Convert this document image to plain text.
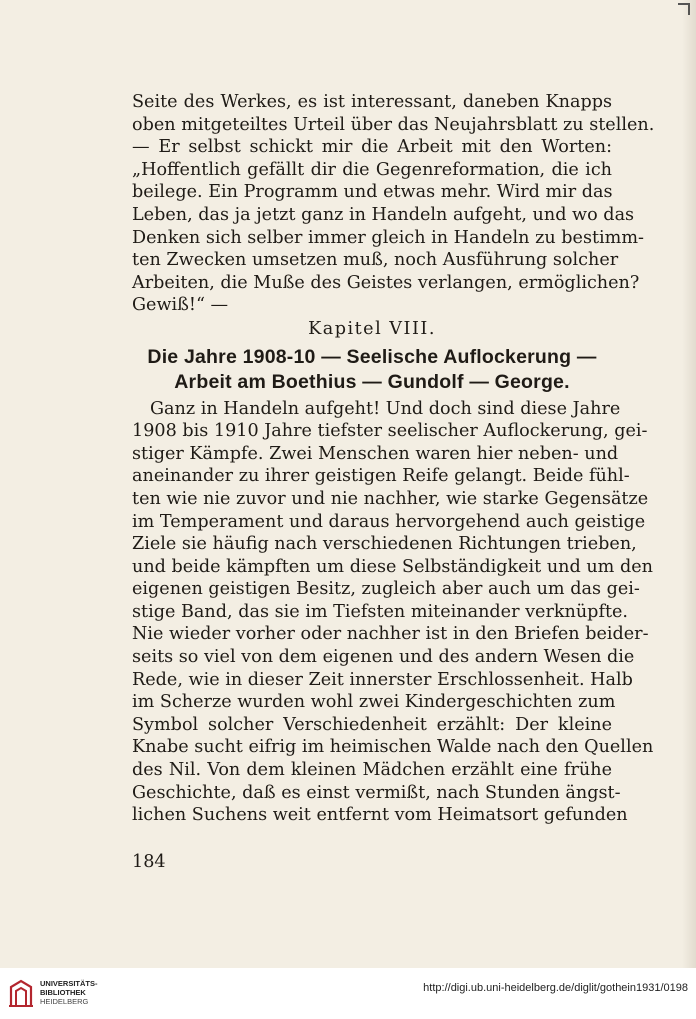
Seite des Werkes, es ist interessant, daneben Knapps
oben mitgeteiltes Urteil über das Neujahrsblatt zu stellen.
— Er selbst schickt mir die Arbeit mit den Worten:
„Hoffentlich gefällt dir die Gegenreformation, die ich
beilege. Ein Programm und etwas mehr. Wird mir das
Leben, das ja jetzt ganz in Handeln aufgeht, und wo das
Denken sich selber immer gleich in Handeln zu bestimm-
ten Zwecken umsetzen muß, noch Ausführung solcher
Arbeiten, die Muße des Geistes verlangen, ermöglichen?
Gewiß!“ —
Kapitel VIII.
Die Jahre 1908-10 — Seelische Auflockerung —
Arbeit am Boethius — Gundolf — George.
Ganz in Handeln aufgeht! Und doch sind diese Jahre
1908 bis 1910 Jahre tiefster seelischer Auflockerung, gei-
stiger Kämpfe. Zwei Menschen waren hier neben- und
aneinander zu ihrer geistigen Reife gelangt. Beide fühl-
ten wie nie zuvor und nie nachher, wie starke Gegensätze
im Temperament und daraus hervorgehend auch geistige
Ziele sie häufig nach verschiedenen Richtungen trieben,
und beide kämpften um diese Selbständigkeit und um den
eigenen geistigen Besitz, zugleich aber auch um das gei-
stige Band, das sie im Tiefsten miteinander verknüpfte.
Nie wieder vorher oder nachher ist in den Briefen beider-
seits so viel von dem eigenen und des andern Wesen die
Rede, wie in dieser Zeit innerster Erschlossenheit. Halb
im Scherze wurden wohl zwei Kindergeschichten zum
Symbol solcher Verschiedenheit erzählt: Der kleine
Knabe sucht eifrig im heimischen Walde nach den Quellen
des Nil. Von dem kleinen Mädchen erzählt eine frühe
Geschichte, daß es einst vermißt, nach Stunden ängst-
lichen Suchens weit entfernt vom Heimatsort gefunden
184
UNIVERSITÄTS-
BIBLIOTHEK
HEIDELBERG
http://digi.ub.uni-heidelberg.de/diglit/gothein1931/0198
